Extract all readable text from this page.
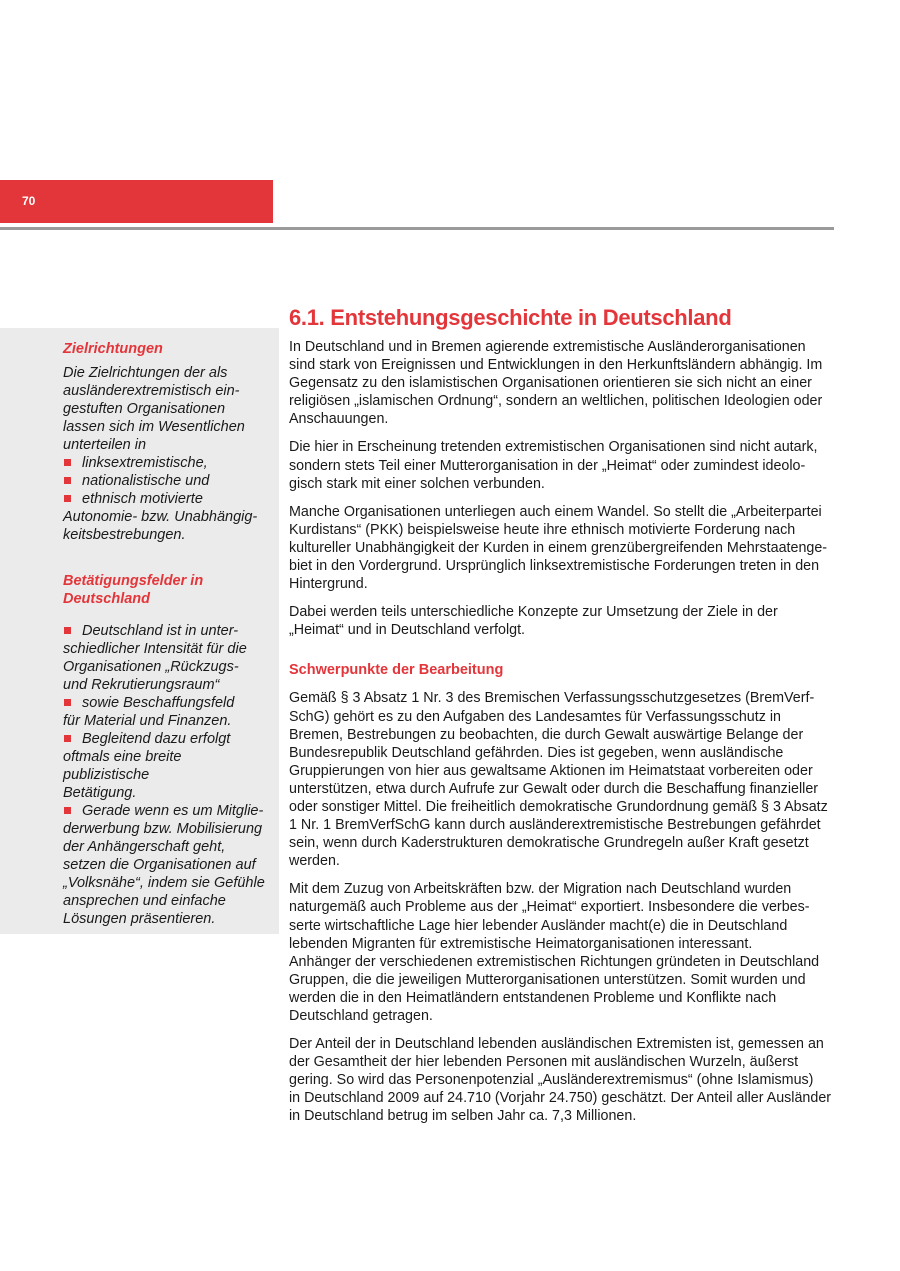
70

Zielrichtungen

Die Zielrichtungen der als
ausländerextremistisch ein-
gestuften Organisationen
lassen sich im Wesentlichen
unterteilen in
linksextremistische,
nationalistische und
ethnisch motivierte
Autonomie- bzw. Unabhängig-
keitsbestrebungen.
Betätigungsfelder in
Deutschland
Deutschland ist in unter-
schiedlicher Intensität für die
Organisationen „Rückzugs-
und Rekrutierungsraum“
sowie Beschaffungsfeld
für Material und Finanzen.
Begleitend dazu erfolgt
oftmals eine breite publizistische
Betätigung.
Gerade wenn es um Mitglie-
derwerbung bzw. Mobilisierung
der Anhängerschaft geht,
setzen die Organisationen auf
„Volksnähe“, indem sie Gefühle
ansprechen und einfache
Lösungen präsentieren.
6.1. Entstehungsgeschichte in Deutschland
In Deutschland und in Bremen agierende extremistische Ausländerorganisationen
sind stark von Ereignissen und Entwicklungen in den Herkunftsländern abhängig. Im
Gegensatz zu den islamistischen Organisationen orientieren sie sich nicht an einer
religiösen „islamischen Ordnung“, sondern an weltlichen, politischen Ideologien oder
Anschauungen.
Die hier in Erscheinung tretenden extremistischen Organisationen sind nicht autark,
sondern stets Teil einer Mutterorganisation in der „Heimat“ oder zumindest ideolo-
gisch stark mit einer solchen verbunden.
Manche Organisationen unterliegen auch einem Wandel. So stellt die „Arbeiterpartei
Kurdistans“ (PKK) beispielsweise heute ihre ethnisch motivierte Forderung nach
kultureller Unabhängigkeit der Kurden in einem grenzübergreifenden Mehrstaatenge-
biet in den Vordergrund. Ursprünglich linksextremistische Forderungen treten in den
Hintergrund.
Dabei werden teils unterschiedliche Konzepte zur Umsetzung der Ziele in der
„Heimat“ und in Deutschland verfolgt.
Schwerpunkte der Bearbeitung
Gemäß § 3 Absatz 1 Nr. 3 des Bremischen Verfassungsschutzgesetzes (BremVerf-
SchG) gehört es zu den Aufgaben des Landesamtes für Verfassungsschutz in
Bremen, Bestrebungen zu beobachten, die durch Gewalt auswärtige Belange der
Bundesrepublik Deutschland gefährden. Dies ist gegeben, wenn ausländische
Gruppierungen von hier aus gewaltsame Aktionen im Heimatstaat vorbereiten oder
unterstützen, etwa durch Aufrufe zur Gewalt oder durch die Beschaffung finanzieller
oder sonstiger Mittel. Die freiheitlich demokratische Grundordnung gemäß § 3 Absatz
1 Nr. 1 BremVerfSchG kann durch ausländerextremistische Bestrebungen gefährdet
sein, wenn durch Kaderstrukturen demokratische Grundregeln außer Kraft gesetzt
werden.
Mit dem Zuzug von Arbeitskräften bzw. der Migration nach Deutschland wurden
naturgemäß auch Probleme aus der „Heimat“ exportiert. Insbesondere die verbes-
serte wirtschaftliche Lage hier lebender Ausländer macht(e) die in Deutschland
lebenden Migranten für extremistische Heimatorganisationen interessant.
Anhänger der verschiedenen extremistischen Richtungen gründeten in Deutschland
Gruppen, die die jeweiligen Mutterorganisationen unterstützen. Somit wurden und
werden die in den Heimatländern entstandenen Probleme und Konflikte nach
Deutschland getragen.
Der Anteil der in Deutschland lebenden ausländischen Extremisten ist, gemessen an
der Gesamtheit der hier lebenden Personen mit ausländischen Wurzeln, äußerst
gering. So wird das Personenpotenzial „Ausländerextremismus“ (ohne Islamismus)
in Deutschland 2009 auf 24.710 (Vorjahr 24.750) geschätzt. Der Anteil aller Ausländer
in Deutschland betrug im selben Jahr ca. 7,3 Millionen.
